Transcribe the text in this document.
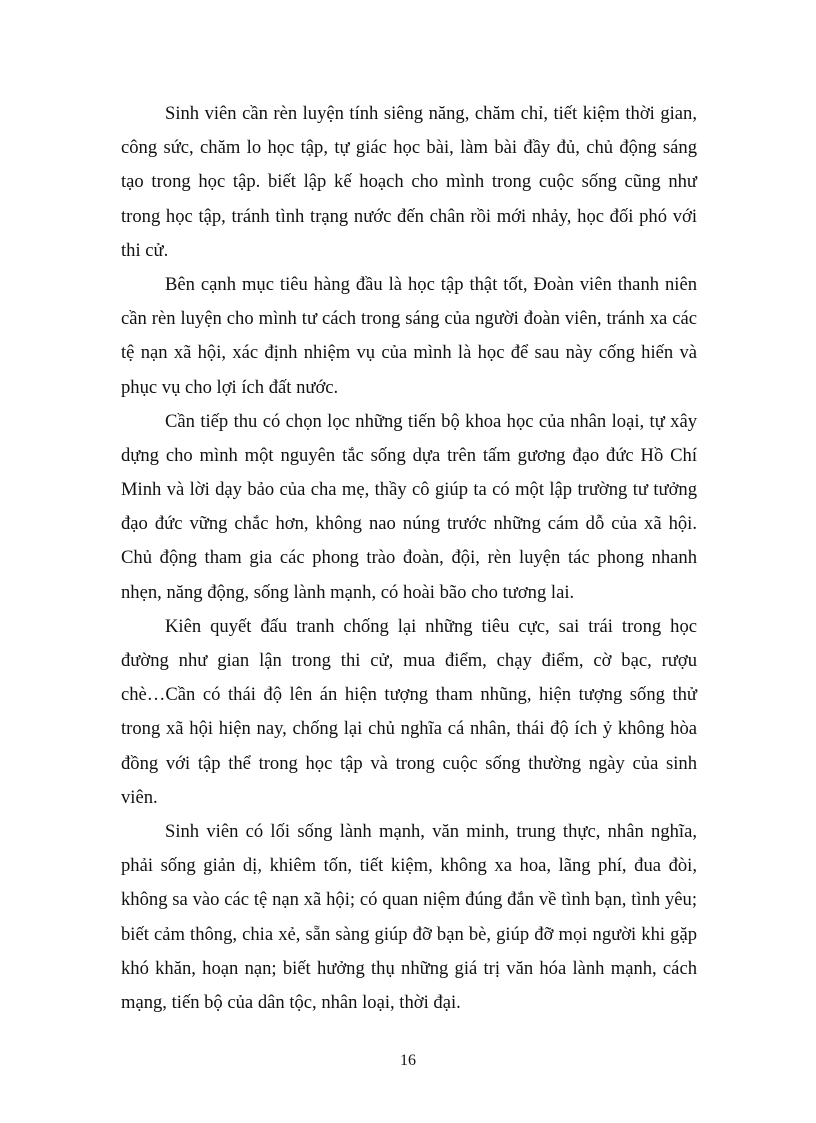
Sinh viên cần rèn luyện tính siêng năng, chăm chỉ, tiết kiệm thời gian,
công sức, chăm lo học tập, tự giác học bài, làm bài đầy đủ, chủ động sáng
tạo trong học tập. biết lập kế hoạch cho mình trong cuộc sống cũng như
trong học tập, tránh tình trạng nước đến chân rồi mới nhảy, học đối phó với
thi cử.
Bên cạnh mục tiêu hàng đầu là học tập thật tốt, Đoàn viên thanh niên
cần rèn luyện cho mình tư cách trong sáng của người đoàn viên, tránh xa các
tệ nạn xã hội, xác định nhiệm vụ của mình là học để sau này cống hiến và
phục vụ cho lợi ích đất nước.
Cần tiếp thu có chọn lọc những tiến bộ khoa học của nhân loại, tự xây
dựng cho mình một nguyên tắc sống dựa trên tấm gương đạo đức Hồ Chí
Minh và lời dạy bảo của cha mẹ, thầy cô giúp ta có một lập trường tư tưởng
đạo đức vững chắc hơn, không nao núng trước những cám dỗ của xã hội.
Chủ động tham gia các phong trào đoàn, đội, rèn luyện tác phong nhanh
nhẹn, năng động, sống lành mạnh, có hoài bão cho tương lai.
Kiên quyết đấu tranh chống lại những tiêu cực, sai trái trong học
đường như gian lận trong thi cử, mua điểm, chạy điểm, cờ bạc, rượu
chè…Cần có thái độ lên án hiện tượng tham nhũng, hiện tượng sống thử
trong xã hội hiện nay, chống lại chủ nghĩa cá nhân, thái độ ích ỷ không hòa
đồng với tập thể trong học tập và trong cuộc sống thường ngày của sinh
viên.
Sinh viên có lối sống lành mạnh, văn minh, trung thực, nhân nghĩa,
phải sống giản dị, khiêm tốn, tiết kiệm, không xa hoa, lãng phí, đua đòi,
không sa vào các tệ nạn xã hội; có quan niệm đúng đắn về tình bạn, tình yêu;
biết cảm thông, chia xẻ, sẵn sàng giúp đỡ bạn bè, giúp đỡ mọi người khi gặp
khó khăn, hoạn nạn; biết hưởng thụ những giá trị văn hóa lành mạnh, cách
mạng, tiến bộ của dân tộc, nhân loại, thời đại.
16
